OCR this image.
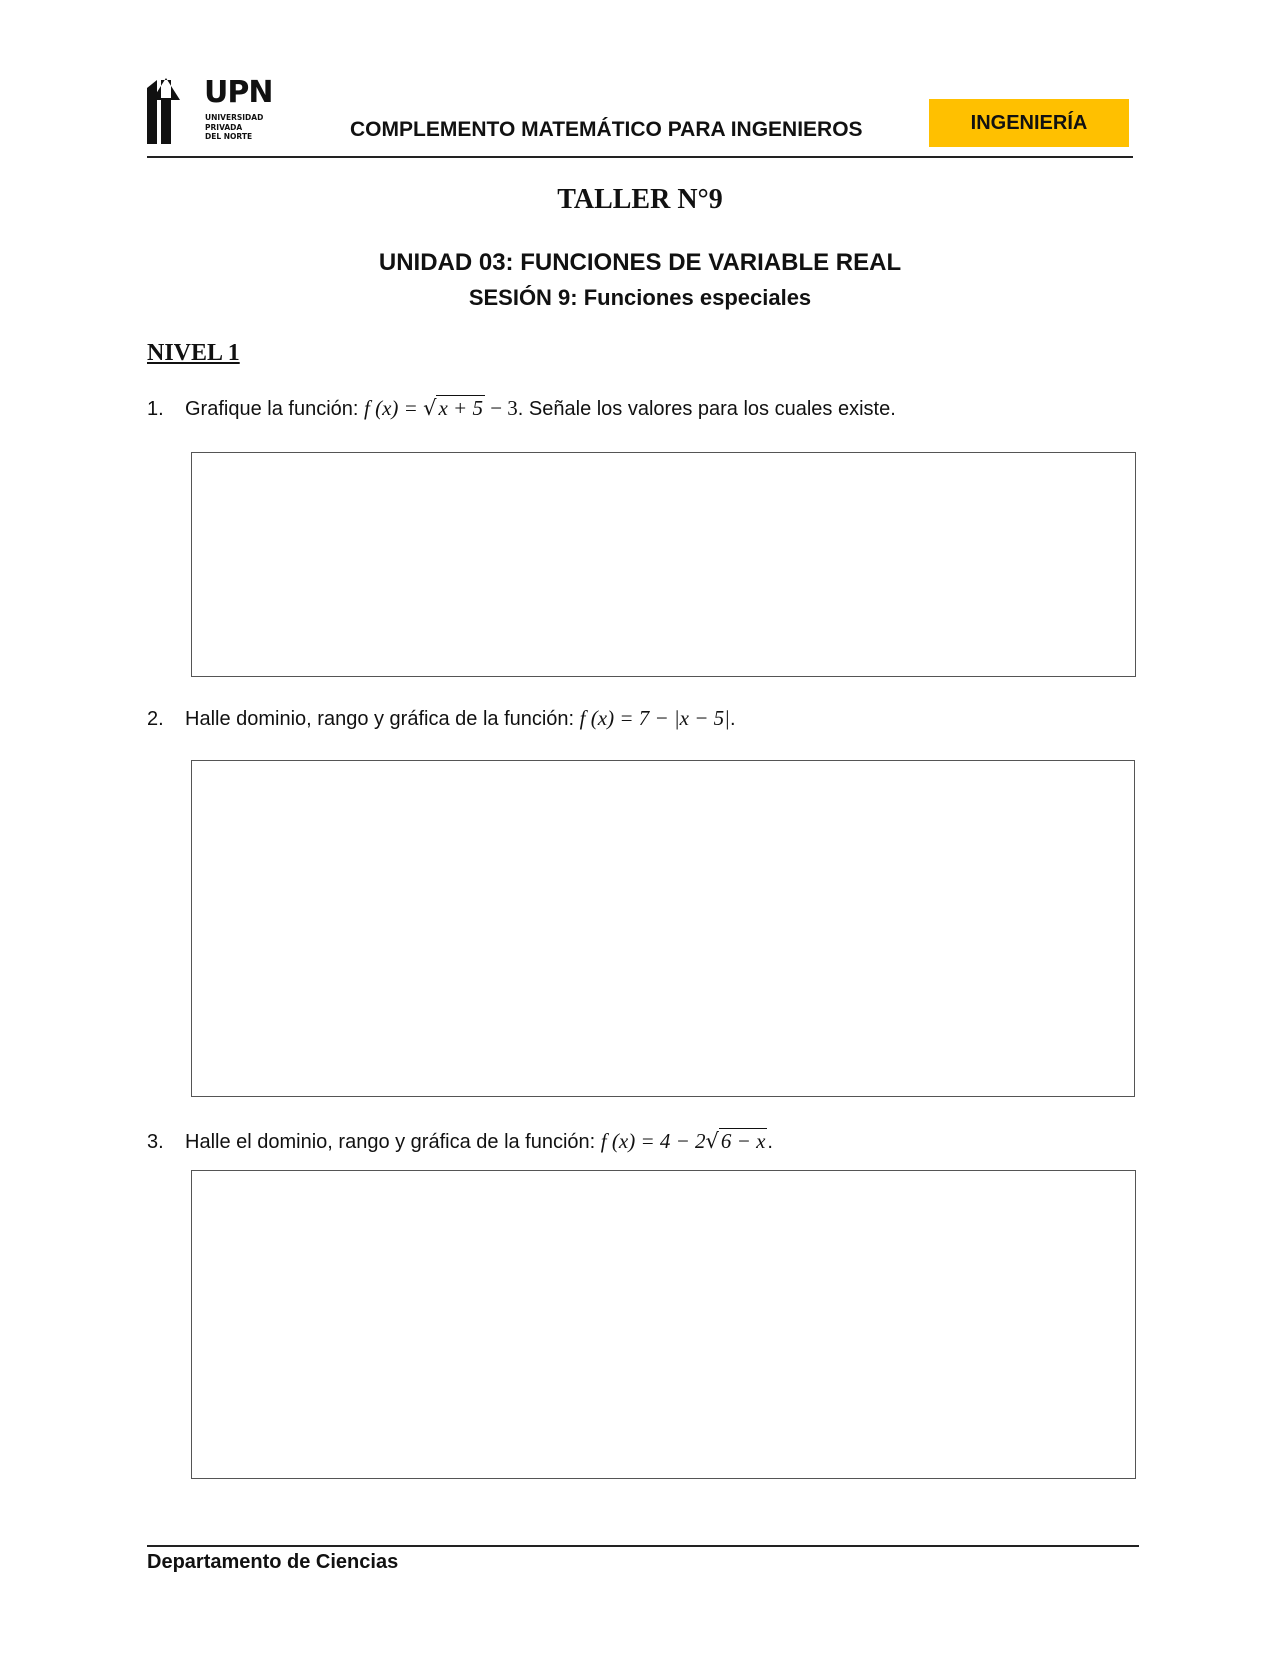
UPN
UNIVERSIDAD
PRIVADA
DEL NORTE	COMPLEMENTO MATEMÁTICO PARA INGENIEROS	INGENIERÍA
TALLER N°9
UNIDAD 03: FUNCIONES DE VARIABLE REAL
SESIÓN 9: Funciones especiales
NIVEL 1
1. Grafique la función: f (x) = √x + 5 − 3. Señale los valores para los cuales existe.
2. Halle dominio, rango y gráfica de la función: f (x) = 7 − |x − 5|.
3. Halle el dominio, rango y gráfica de la función: f (x) = 4 − 2√6 − x .
Departamento de Ciencias
